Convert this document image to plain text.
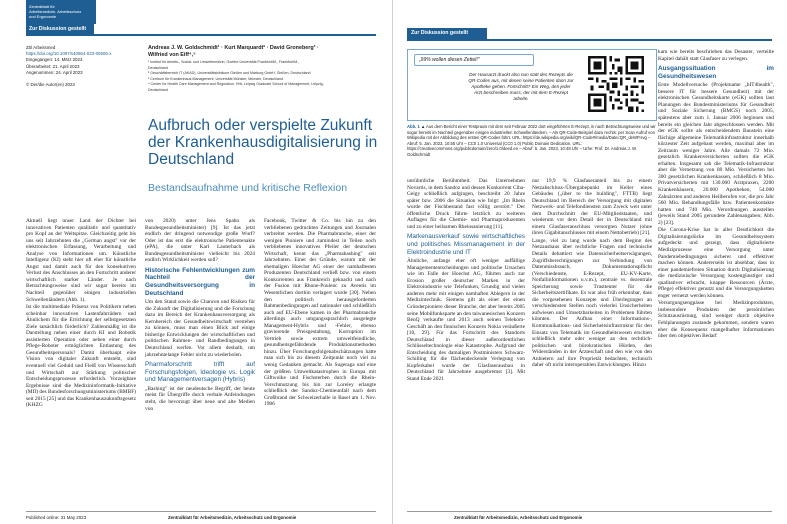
Zentralblatt für
Arbeitsmedizin, Arbeitsschutz
und Ergonomie
Zur Diskussion gestellt
Zbl Arbeitsmed
https://doi.org/10.1007/s40664-023-00506-x
Eingegangen: 14. März 2023
Überarbeitet: 21. April 2023
Angenommen: 24. April 2023
© Der/die Autor(en) 2023
Andreas J. W. Goldschmidt¹ · Kurt Marquardt² · David Groneberg³ ·
Wilfried von Eiff⁴,⁵
¹ Institut für Arbeits-, Sozial- und Umweltmedizin, Goethe-Universität Frankfurt/M., Frankfurt/M.,
Deutschland
² Geschäftsbereich IT (AKAD), Universitätsklinikum Gießen und Marburg GmbH, Gießen, Deutschland
³ Centrum für Krankenhaus-Management, Universität Münster, Münster, Deutschland
⁴ Center for Health Care Management and Regulation, HHL Leipzig Graduate School of Management, Leipzig,
Deutschland
Aufbruch oder verspielte Zukunft der Krankenhausdigitalisierung in Deutschland
Bestandsaufnahme und kritische Reflexion

Aktuell liegt unser Land der Dichter bei innovativen Patienten qualitativ und quantitativ pro Kopf an der Weltspitze. Gleichzeitig geht bis uns seit Jahrzehnten die „German angst" vor der elektronischen Erfassung, Verarbeitung und Analyse von Informationen um. Künstliche Intelligenz (KI) steht hier oft eher für künstliche Angst und damit auch für den konsekutiven Verlust des Anschlusses an den Fortschritt anderer wirtschaftlich starker Länder. Je nach Betrachtungsweise sind wir sogar bereits im Nachteil gegenüber einigen industriellen Schwellenländern (Abb. 1).

Ist die multimediale Präsenz von Politikern neben scheinbar innovativen Lastenfahrrädern und Ähnlichem für die Errichtung der selbstgesetzten Ziele tatsächlich förderlich? Zahlenmäßig ist die Darstellung neben einer durch KI und Robotik assistierten Operation oder neben einer durch Pflege-Roboter ermöglichten Entlastung des Gesundheitspersonals? Damit überhaupt eine Vision von digitaler Zukunft entsteht, sind eventuell viel Geduld und Fleiß von Wissenschaft und Wirtschaft zur Stärkung politischer Entscheidungsprozesse erforderlich. Vorzeigbare Ergebnisse sind die Medizininformatik-Initiative (MII) des Bundesforschungsministeriums (BMBF) seit 2015 [25] und das Krankenhauszukunftsgesetz (KHZG

von 2020) unter Jens Spahn als Bundesgesundheitsminister) [9]. Ist das jetzt endlich der dringend notwendige große Wurf? Oder ist das erst die elektronische Patientenakte (ePA), die unter Karl Lauterbach als Bundesgesundheitsminister vielleicht bis 2024 endlich Wirklichkeit werden soll?

Historische Fehlentwicklungen zum Nachteil der Gesundheitsversorgung in Deutschland

Um den Stand sowie die Chancen und Risiken für die Zukunft der Digitalisierung und die Forschung dazu im Bereich der Krankenhausversorgung als Kernbereich der Gesundheitswirtschaft verstehen zu können, muss man einen Blick auf einige bisherige Entwicklungen der wirtschaftlichen und politischen Rahmen- und Randbedingungen in Deutschland werfen. Vor allem deshalb, um jahrzehntelange Fehler nicht zu wiederholen.

Pharmaforschritt trifft auf Forschungsfolgen, Ideologie vs. Logik und Managementversagen (Hybris)

„Bashing" ist der neudeutsche Begriff, der heute meist für Übergriffe durch verbale Anfeindungen steht, die bevorzugt über neue und alte Medien von

Facebook, Twitter & Co. bis hin zu den verbliebenen gedruckten Zeitungen und Journalen verbreitet werden. Die Pharmabranche, einer der wenigen Pioniere und zumindest in Teilen noch verbliebenes innovatives Pfeiler der deutschen Wirtschaft, kennt das „Pharmabashing" seit Jahrzehnten. Einer der Gründe, warum mit der ehemaligen Hoechst AG einer der namhaftesten Produzenten Deutschland verließ bzw. von einem Konkurrenten aus Frankreich geknackt und nach der Fusion mit Rhone-Poulenc zu Aventis im Wesentlichen dorthin verlagert wurde [30]. Neben den politisch herausgeforderten Rahmenbedingungen auf nationaler und schließlich auch auf EU-Ebene kamen in der Pharmabranche allerdings auch umgangssprachlich ausgelegte Management-Hybris und -Fehler, ebenso gravierende Preisgestaltung, Korruption im Vertrieb sowie extrem umweltfeindliche, gesundheitsgefährdende Produktionsmethoden hinzu. Über Forschungsfolgenabschätzungen hatte man sich bis zu diesem Zeitpunkt noch viel zu wenig Gedanken gemacht. Als Sugeraga und eine der größten Umweltkatastrophen in Europa mit Giftwolke und Fischsterben durch die Rhein-Verschmutzung bis hin zur Loreley erlangte schließlich der Sandoz-Chemieunfall nach dem Großbrand der Schweizerhalle in Basel am 1. Nov. 1986

Published online: 31 May 2023	Zentralblatt für Arbeitsmedizin, Arbeitsschutz und Ergonomie
Zur Diskussion gestellt
„99% wollen diesen Zettel!"
Der Hausarzt druckt also nun statt des Rezepts die QR-Codes aus, mit denen seine Patienten dann zur Apotheke gehen. Fortschritt? Ein Weg, den jeder Arzt beschreiben muss, der mit dem E-Rezept arbeite.
Abb. 1 ▲ Aus dem Bericht einer Testpraxis mit dem seit Februar 2022 dort eingeführten E-Rezept, in nach Betrachtungsweise und wir sogar bereits im Nachteil gegenüber einigen industriellen Schwellenländern. – Als QR-Code-Beispiel dazu rechts: per Scan Aufruf von Wikipedia mit der Abbildung des ersten QR-Codes führt. URL: https://de.wikipedia.org/wiki/QR-Code#/media/Datei:QR_deWP.svg – Abruf: 5. Jan. 2023, 10:55 Uhr – CC0 1.0 Universal (CC0 1.0) Public Domain Dedication. URL: https://creativecommons.org/publicdomain/zero/1.0/deed.en – Abruf: 5. Jan. 2023, 10:48 Uhr – Urhe: Prof. Dr. Andreas J. W. Goldschmidt

unrühmliche Berühmtheit. Das Unternehmen Novartis, in dem Sandoz und dessen Konkurrent Ciba-Geigy schließlich aufgingen, beschreibt 20 Jahre später bzw. 2006 die Situation wie folgt: „Im Rhein wurde der Fischbestand fast völlig zerstört." Der öffentliche Druck führte letztlich zu weiteren Auflagen für die Chemie- und Pharmaproduzenten und zu einer heilsamen Rheinsanierung [11].

Markenausverkauf sowie wirtschaftliches und politisches Missmanagement in der Elektroindustrie und IT

Ähnliche, anfangs eher oft weniger auffällige Managemententscheidungen und politische Ursachen wie im Falle der Hoechst AG, führten auch zur Erosion großer deutscher Marken in der Elektroindustrie wie Telefunken, Grundig und vielen anderen mehr mit einigen namhaften Ablegern in der Medizintechnik. Siemens gilt als einer der einen Gründerpioniere dieser Branche, der aber bereits 2005 seine Mobilfunksparte an den taiwanesischen Konzern BenQ verkaufte und 2013 auch seinen Telekom-Geschäft an den finnischen Konzern Nokia veräußerte [10, 29]. Für das Fortschritt des Standorts Deutschland in dieser außerordentlichen Schlüsseltechnologie eine Katastrophe. Aufgrund der Entscheidung des damaligen Postministers Schwarz-Schilling für die flächendeckende Verlegung von Kupferkabel wurde der Glasfaserausbau in Deutschland für Jahrzehnte ausgebremst [3]. Mit Stand Ende 2021

nur 19,9 % Glasfaseranteil bis zu einem Netzabschluss-/Übergabepunkt im Keller eines Gebäudes („über to the building", FTTB) liegt Deutschland im Bereich der Versorgung mit digitalen Netzwerk- und Telefondiensten zum Zweck weit unter dem Durchschnitt der EU-Mitgliedstaaten, und wiederum vor dem Detail der in Deutschland mit einem Glasfaseranschluss versorgten Nutzer (ohne ihren Gigabitanschlusses mit einem Nettobetrieb) [21].

Lange, viel zu lang wurde nach dem Beginn des Netzausbaus über rechtliche Fragen und technische Details debattiert wie Datensicherheitserwägungen, Zugriffsberechtigungen zur Verbindung von Datenmissbrauch, Dokumentationspflicht (Verschiedenste, E-Rezept, EU-KV-Karte, Notfallinformationen u.v.m.), zentrale vs. dezentrale Speicherung sowie Trusttenter für die Sicherheitszertifikate. Es war also früh erkennbar, dass die vorgesehenen Konzepte und Überlegungen an verschiedensten Stellen noch vielerlei Unsicherheiten aufwiesen und Umsetzbarkeiten in Problemen führten könnten. Der Aufbau einer Informations-, Kommunikations- und Sicherheitsinfrastruktur für den Einsatz von Telematik im Gesundheitswesen erschien schließlich mehr oder weniger an den rechtlich- politischen und bürokratischen Hürden, den Widerständen in der Ärzteschaft und den wie von den Anbietern auf ihre Proprietät bedachten, technisch daher oft nicht interoperablen Entwicklungen. Hinzu

kam wie bereits beschrieben das Desaster, verteilte Kapitel dahält statt Glasfaser zu verlegen.

Ausgangssituation im Gesundheitswesen

Erste Modellversuche (Projektname „bIT4health", bessere IT für bessere Gesundheit) mit der elektronischen Gesundheitskarte (eGK) sollten laut Planungen des Bundesministeriums für Gesundheit und Soziale Sicherung (BMGS) noch 2005, spätestens aber zum 1. Januar 2006 beginnen und bereits ein gleichen Jahr abgeschlossen werden. Mit der eGK sollte als entscheidendem Baustein eine flächige allgemeine Telematikinfrastruktur innerhalb kürzester Zeit aufgebaut werden, maximal aber im Zeitraum weniger Jahre. Alle damals 72 Mio. gesetzlich Krankenversicherten sollten die eGK erhalten. Insgesamt sah die Telematik-Infrastruktur aber die Vernetzung von 80 Mio. Versicherten bei 300 gesetzlichen Krankenkassen, schließlich 8 Mio. Privatversicherten mit 130.000 Arztpraxen, 2200 Krankenhäusern, 20.000 Apotheken, 54.000 Zahnärzten und anderen Heilberufen vor, die pro Jahr 560 Mio. Behandlungsfälle bzw. Patientenkontakte hatten und 740 Mio. Verordnungen ausstellen (jeweils Stand 2005 gerundete Zahlenangaben; Abb. 2) [23].

Die Corona-Krise hat in aller Deutlichkeit die Digitalisierungslücke im Gesundheitssystem aufgedeckt und gezeigt, dass digitalisierte Mediziprozesse eine Versorgung unter Pandemiebedingungen sicherer und effektiver machen können. Andererseits ist absehbar, dass in einer pandemiefreien Situation durch Digitalisierung die medizinische Versorgung kostengünstiger und qualitativer erbracht, knappe Ressourcen (Ärzte, Pflege) effektiver genutzt und die Versorgungsketten enger vernetzt werden können.

Versorgungsengpässe bei Medizinprodukten, insbesondere Produkten der persönlichen Schutzausrüstung, sind weniger durch objektive Fehlplanungen zustande gekommen, sondern waren eher die Konsequenz mangelhafter Informationen über den objektiven Bedarf

Zentralblatt für Arbeitsmedizin, Arbeitsschutz und Ergonomie
